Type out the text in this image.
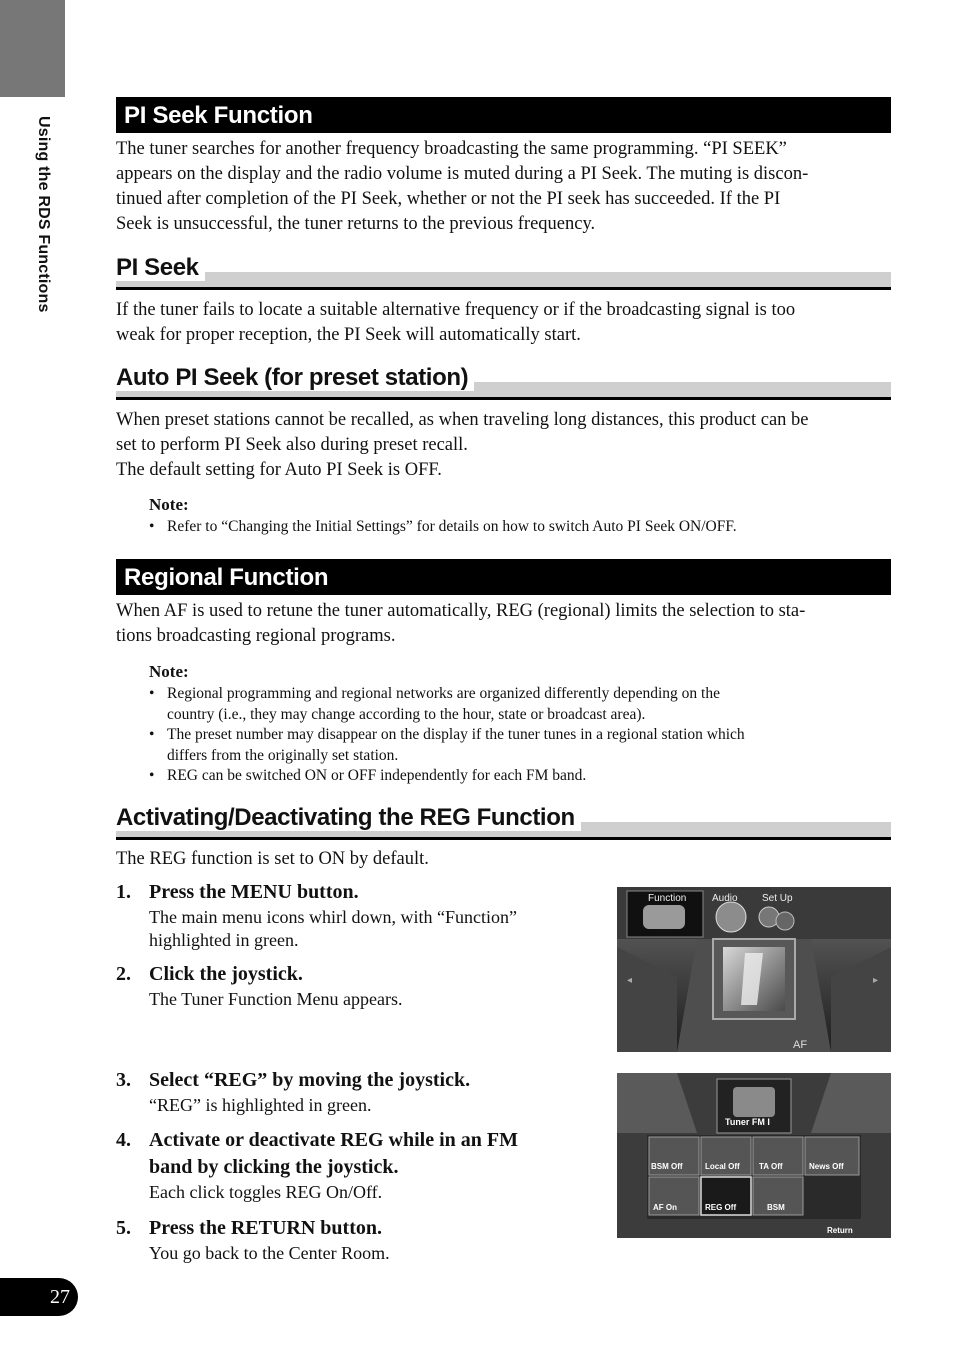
Using the RDS Functions
PI Seek Function
The tuner searches for another frequency broadcasting the same programming. “PI SEEK”
appears on the display and the radio volume is muted during a PI Seek. The muting is discon-
tinued after completion of the PI Seek, whether or not the PI seek has succeeded. If the PI
Seek is unsuccessful, the tuner returns to the previous frequency.
PI Seek
If the tuner fails to locate a suitable alternative frequency or if the broadcasting signal is too
weak for proper reception, the PI Seek will automatically start.
Auto PI Seek (for preset station)
When preset stations cannot be recalled, as when traveling long distances, this product can be
set to perform PI Seek also during preset recall.
The default setting for Auto PI Seek is OFF.
Note:
• Refer to “Changing the Initial Settings” for details on how to switch Auto PI Seek ON/OFF.
Regional Function
When AF is used to retune the tuner automatically, REG (regional) limits the selection to sta-
tions broadcasting regional programs.
Note:
• Regional programming and regional networks are organized differently depending on the
country (i.e., they may change according to the hour, state or broadcast area).
• The preset number may disappear on the display if the tuner tunes in a regional station which
differs from the originally set station.
• REG can be switched ON or OFF independently for each FM band.
Activating/Deactivating the REG Function
The REG function is set to ON by default.
1. Press the MENU button.
The main menu icons whirl down, with “Function”
highlighted in green.
2. Click the joystick.
The Tuner Function Menu appears.
3. Select “REG” by moving the joystick.
“REG” is highlighted in green.
4. Activate or deactivate REG while in an FM
band by clicking the joystick.
Each click toggles REG On/Off.
5. Press the RETURN button.
You go back to the Center Room.
◂	▸
Function	Audio Set Up
AF
Tuner FM I
BSM Off	Local Off TA Off	News Off
AF On	REG Off	BSM
Return
27
